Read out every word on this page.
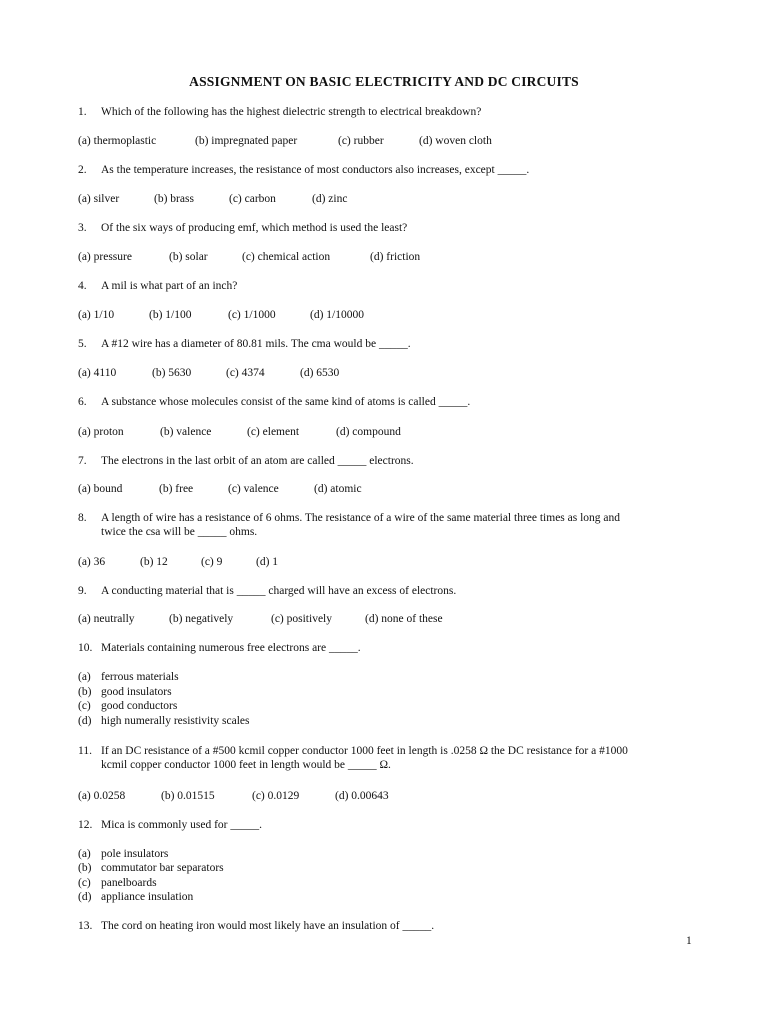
ASSIGNMENT ON BASIC ELECTRICITY AND DC CIRCUITS
1. Which of the following has the highest dielectric strength to electrical breakdown?
(a) thermoplastic	(b) impregnated paper	(c) rubber	(d) woven cloth
2. As the temperature increases, the resistance of most conductors also increases, except _____.
(a) silver	(b) brass	(c) carbon	(d) zinc
3. Of the six ways of producing emf, which method is used the least?
(a) pressure	(b) solar	(c) chemical action	(d) friction
4. A mil is what part of an inch?
(a) 1/10	(b) 1/100	(c) 1/1000	(d) 1/10000
5. A #12 wire has a diameter of 80.81 mils. The cma would be _____.
(a) 4110	(b) 5630	(c) 4374	(d) 6530
6. A substance whose molecules consist of the same kind of atoms is called _____.
(a) proton	(b) valence	(c) element	(d) compound
7. The electrons in the last orbit of an atom are called _____ electrons.
(a) bound	(b) free	(c) valence	(d) atomic
8. A length of wire has a resistance of 6 ohms. The resistance of a wire of the same material three times as long and
twice the csa will be _____ ohms.
(a) 36	(b) 12	(c) 9	(d) 1
9. A conducting material that is _____ charged will have an excess of electrons.
(a) neutrally	(b) negatively	(c) positively	(d) none of these
10. Materials containing numerous free electrons are _____.
(a) ferrous materials
(b) good insulators
(c) good conductors
(d) high numerally resistivity scales
11. If an DC resistance of a #500 kcmil copper conductor 1000 feet in length is .0258 Ω the DC resistance for a #1000
kcmil copper conductor 1000 feet in length would be _____ Ω.
(a) 0.0258	(b) 0.01515	(c) 0.0129	(d) 0.00643
12. Mica is commonly used for _____.
(a) pole insulators
(b) commutator bar separators
(c) panelboards
(d) appliance insulation
13. The cord on heating iron would most likely have an insulation of _____.
1
